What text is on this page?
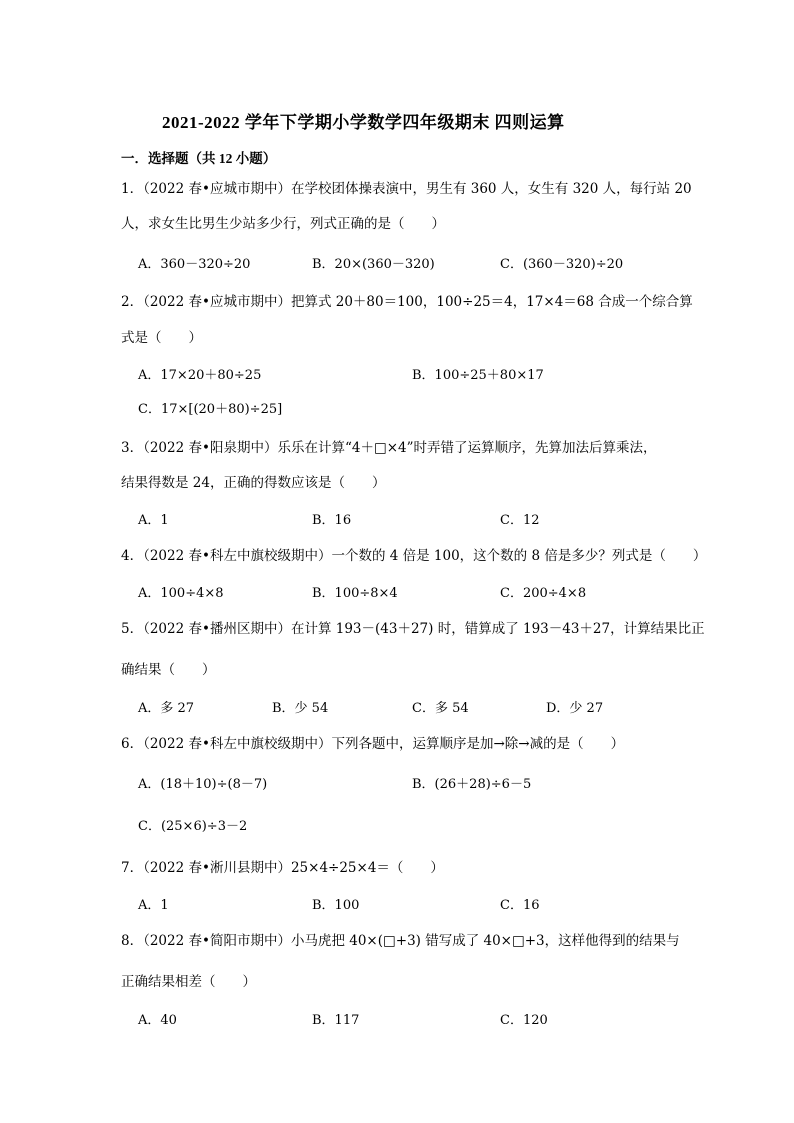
2021-2022 学年下学期小学数学四年级期末 四则运算
一．选择题（共 12 小题）
1．（2022 春•应城市期中）在学校团体操表演中，男生有 360 人，女生有 320 人，每行站 20
人，求女生比男生少站多少行，列式正确的是（　　）
A．360－320÷20	B．20×(360－320)	C．(360－320)÷20
2．（2022 春•应城市期中）把算式 20＋80＝100，100÷25＝4，17×4＝68 合成一个综合算
式是（　　）
A．17×20＋80÷25	B．100÷25＋80×17
C．17×[(20＋80)÷25]
3．（2022 春•阳泉期中）乐乐在计算“4＋□×4”时弄错了运算顺序，先算加法后算乘法，
结果得数是 24，正确的得数应该是（　　）
A．1	B．16	C．12
4．（2022 春•科左中旗校级期中）一个数的 4 倍是 100，这个数的 8 倍是多少？列式是（　　）
A．100÷4×8	B．100÷8×4	C．200÷4×8
5．（2022 春•播州区期中）在计算 193－(43＋27) 时，错算成了 193－43＋27，计算结果比正
确结果（　　）
A．多 27	B．少 54	C．多 54	D．少 27
6．（2022 春•科左中旗校级期中）下列各题中，运算顺序是加→除→减的是（　　）
A．(18＋10)÷(8－7)	B．(26＋28)÷6－5
C．(25×6)÷3－2
7．（2022 春•淅川县期中）25×4÷25×4＝（　　）
A．1	B．100	C．16
8．（2022 春•简阳市期中）小马虎把 40×(□+3) 错写成了 40×□+3，这样他得到的结果与
正确结果相差（　　）
A．40	B．117	C．120
